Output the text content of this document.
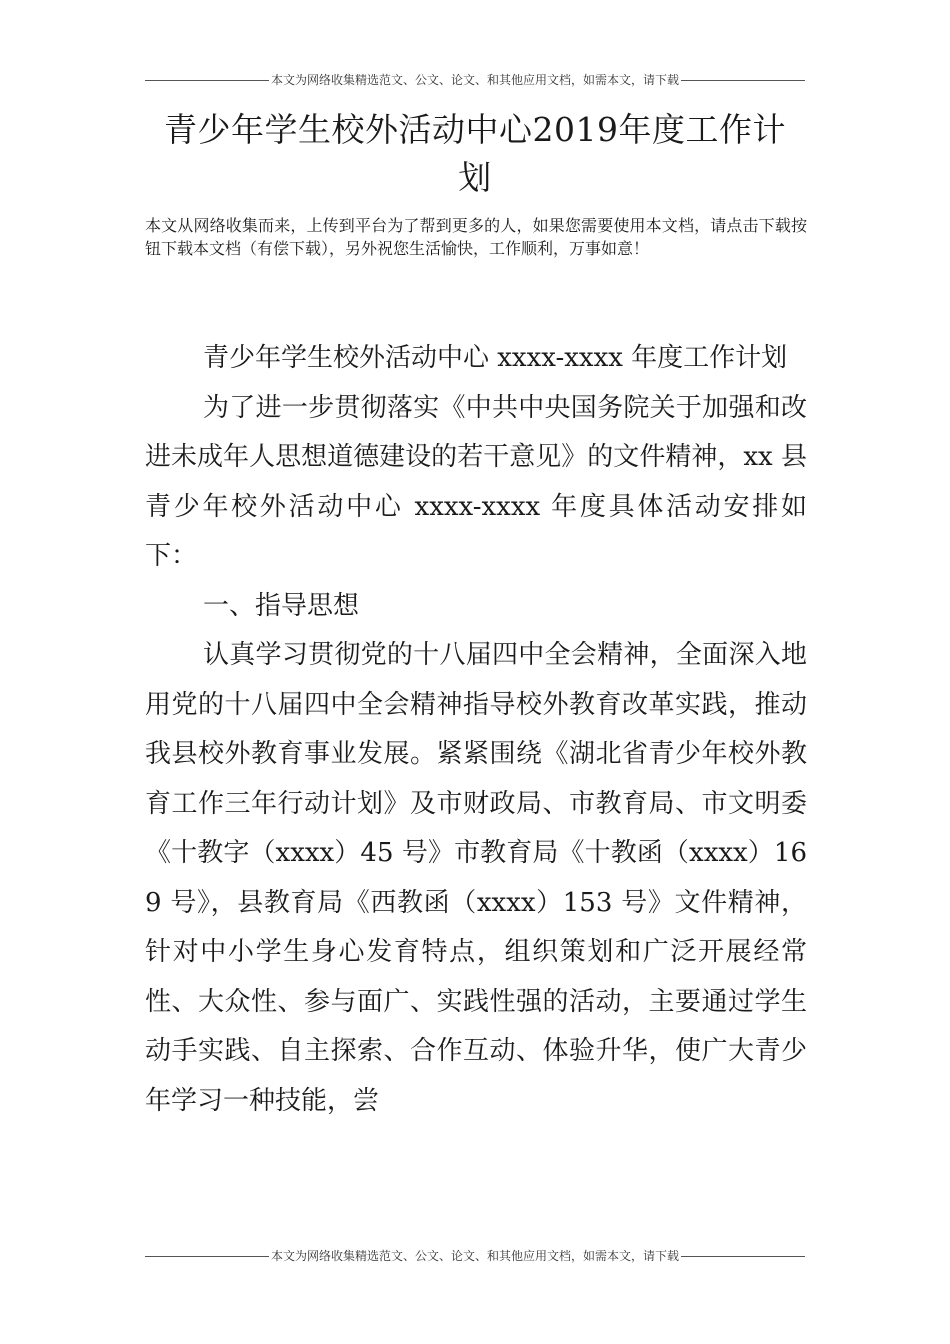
本文为网络收集精选范文、公文、论文、和其他应用文档，如需本文，请下载
青少年学生校外活动中心2019年度工作计划
本文从网络收集而来，上传到平台为了帮到更多的人，如果您需要使用本文档，请点击下载按钮下载本文档（有偿下载），另外祝您生活愉快，工作顺利，万事如意！

青少年学生校外活动中心 xxxx-xxxx 年度工作计划

为了进一步贯彻落实《中共中央国务院关于加强和改进未成年人思想道德建设的若干意见》的文件精神，xx 县青少年校外活动中心 xxxx-xxxx 年度具体活动安排如下：

一、指导思想

认真学习贯彻党的十八届四中全会精神，全面深入地用党的十八届四中全会精神指导校外教育改革实践，推动我县校外教育事业发展。紧紧围绕《湖北省青少年校外教育工作三年行动计划》及市财政局、市教育局、市文明委《十教字（xxxx）45 号》市教育局《十教函（xxxx）169 号》，县教育局《西教函（xxxx）153 号》文件精神，针对中小学生身心发育特点，组织策划和广泛开展经常性、大众性、参与面广、实践性强的活动，主要通过学生动手实践、自主探索、合作互动、体验升华，使广大青少年学习一种技能，尝

本文为网络收集精选范文、公文、论文、和其他应用文档，如需本文，请下载
